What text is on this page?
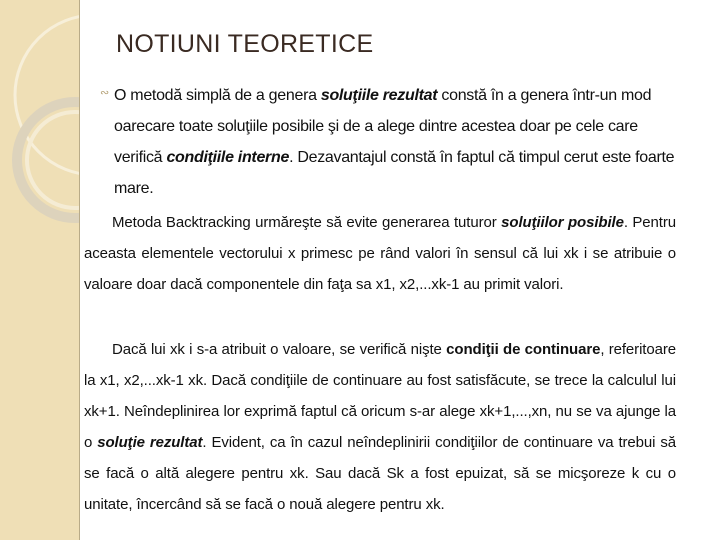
NOTIUNI TEORETICE
∾ O metodă simplă de a genera soluţiile rezultat constă în a genera într-un mod oarecare toate soluţiile posibile şi de a alege dintre acestea doar pe cele care verifică condiţiile interne. Dezavantajul constă în faptul că timpul cerut este foarte mare.
Metoda Backtracking urmăreşte să evite generarea tuturor soluţiilor posibile. Pentru aceasta elementele vectorului x primesc pe rând valori în sensul că lui xk i se atribuie o valoare doar dacă componentele din faţa sa x1, x2,...xk-1 au primit valori.
Dacă lui xk i s-a atribuit o valoare, se verifică nişte condiţii de continuare, referitoare la x1, x2,...xk-1 xk. Dacă condiţiile de continuare au fost satisfăcute, se trece la calculul lui xk+1. Neîndeplinirea lor exprimă faptul că oricum s-ar alege xk+1,...,xn, nu se va ajunge la o soluţie rezultat. Evident, ca în cazul neîndeplinirii condiţiilor de continuare va trebui să se facă o altă alegere pentru xk. Sau dacă Sk a fost epuizat, să se micşoreze k cu o unitate, încercând să se facă o nouă alegere pentru xk.
